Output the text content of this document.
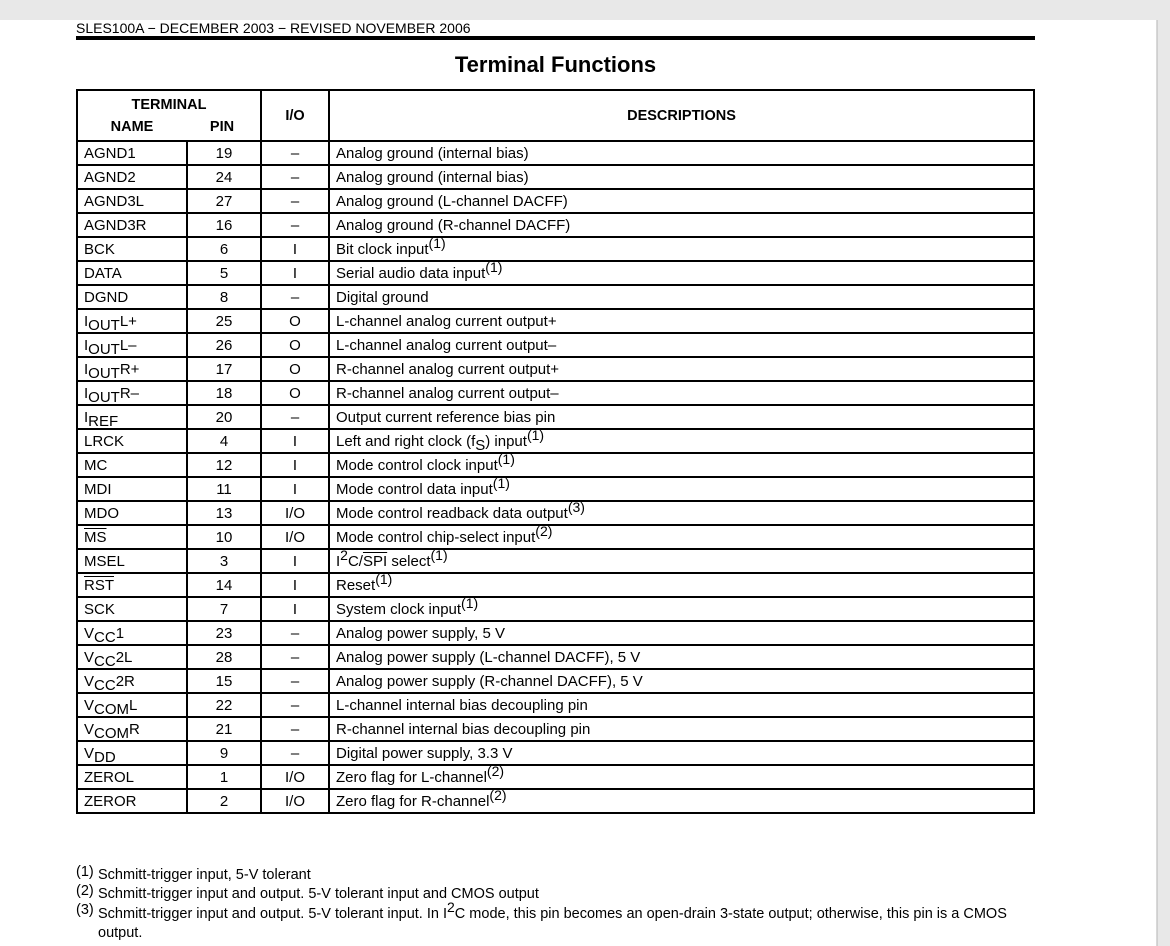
SLES100A − DECEMBER 2003 − REVISED NOVEMBER 2006
Terminal Functions
TERMINAL
NAME PIN		I/O	DESCRIPTIONS
AGND1	19	–	Analog ground (internal bias)
AGND2	24	–	Analog ground (internal bias)
AGND3L	27	–	Analog ground (L-channel DACFF)
AGND3R	16	–	Analog ground (R-channel DACFF)
BCK	6	I	Bit clock input(1)
DATA	5	I	Serial audio data input(1)
DGND	8	–	Digital ground
IOUTL+	25	O	L-channel analog current output+
IOUTL–	26	O	L-channel analog current output–
IOUTR+	17	O	R-channel analog current output+
IOUTR–	18	O	R-channel analog current output–
IREF	20	–	Output current reference bias pin
LRCK	4	I	Left and right clock (fS) input(1)
MC	12	I	Mode control clock input(1)
MDI	11	I	Mode control data input(1)
MDO	13	I/O	Mode control readback data output(3)
$\overline{MS}$	10	I/O	Mode control chip-select input(2)
MSEL	3	I	$I2C/\overline{SPI}$ select(1)
$\overline{RST}$	14	I	Reset(1)
SCK	7	I	System clock input(1)
VCC1	23	–	Analog power supply, 5 V
VCC2L	28	–	Analog power supply (L-channel DACFF), 5 V
VCC2R	15	–	Analog power supply (R-channel DACFF), 5 V
VCOML	22	–	L-channel internal bias decoupling pin
VCOMR	21	–	R-channel internal bias decoupling pin
VDD	9	–	Digital power supply, 3.3 V
ZEROL	1	I/O	Zero flag for L-channel(2)
ZEROR	2	I/O	Zero flag for R-channel(2)
(1) Schmitt-trigger input, 5-V tolerant
(2) Schmitt-trigger input and output. 5-V tolerant input and CMOS output
(3) Schmitt-trigger input and output. 5-V tolerant input. In I2C mode, this pin becomes an open-drain 3-state output; otherwise, this pin is a CMOS output.
